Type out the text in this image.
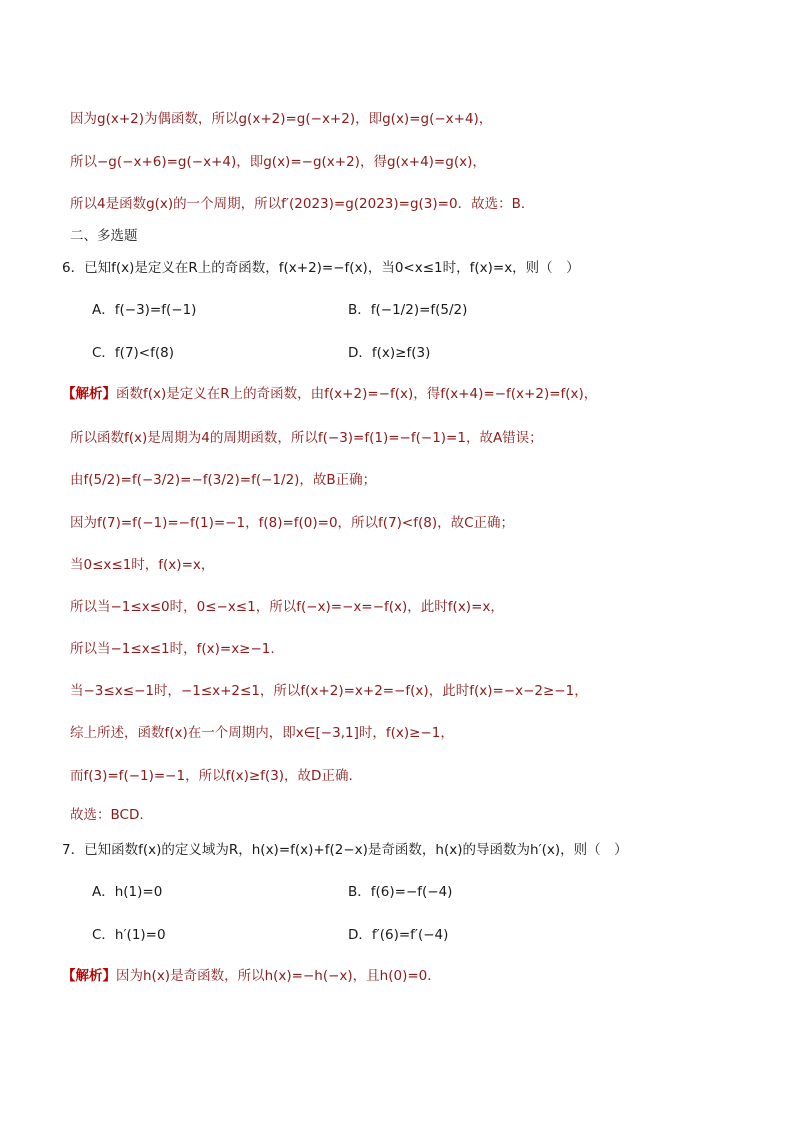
因为g(x+2)为偶函数，所以g(x+2)=g(−x+2)，即g(x)=g(−x+4)，
所以−g(−x+6)=g(−x+4)，即g(x)=−g(x+2)，得g(x+4)=g(x)，
所以4是函数g(x)的一个周期，所以f′(2023)=g(2023)=g(3)=0．故选：B．
二、多选题
6．已知f(x)是定义在R上的奇函数，f(x+2)=−f(x)，当0<x≤1时，f(x)=x，则（　）
A．f(−3)=f(−1)	B．f(−1/2)=f(5/2)
C．f(7)<f(8)	D．f(x)≥f(3)
【解析】函数f(x)是定义在R上的奇函数，由f(x+2)=−f(x)，得f(x+4)=−f(x+2)=f(x)，
所以函数f(x)是周期为4的周期函数，所以f(−3)=f(1)=−f(−1)=1，故A错误；
由f(5/2)=f(−3/2)=−f(3/2)=f(−1/2)，故B正确；
因为f(7)=f(−1)=−f(1)=−1，f(8)=f(0)=0，所以f(7)<f(8)，故C正确；
当0≤x≤1时，f(x)=x，
所以当−1≤x≤0时，0≤−x≤1，所以f(−x)=−x=−f(x)，此时f(x)=x，
所以当−1≤x≤1时，f(x)=x≥−1.
当−3≤x≤−1时，−1≤x+2≤1，所以f(x+2)=x+2=−f(x)，此时f(x)=−x−2≥−1，
综上所述，函数f(x)在一个周期内，即x∈[−3,1]时，f(x)≥−1，
而f(3)=f(−1)=−1，所以f(x)≥f(3)，故D正确.
故选：BCD.
7．已知函数f(x)的定义域为R，h(x)=f(x)+f(2−x)是奇函数，h(x)的导函数为h′(x)，则（　）
A．h(1)=0	B．f(6)=−f(−4)
C．h′(1)=0	D．f′(6)=f′(−4)
【解析】因为h(x)是奇函数，所以h(x)=−h(−x)，且h(0)=0．
